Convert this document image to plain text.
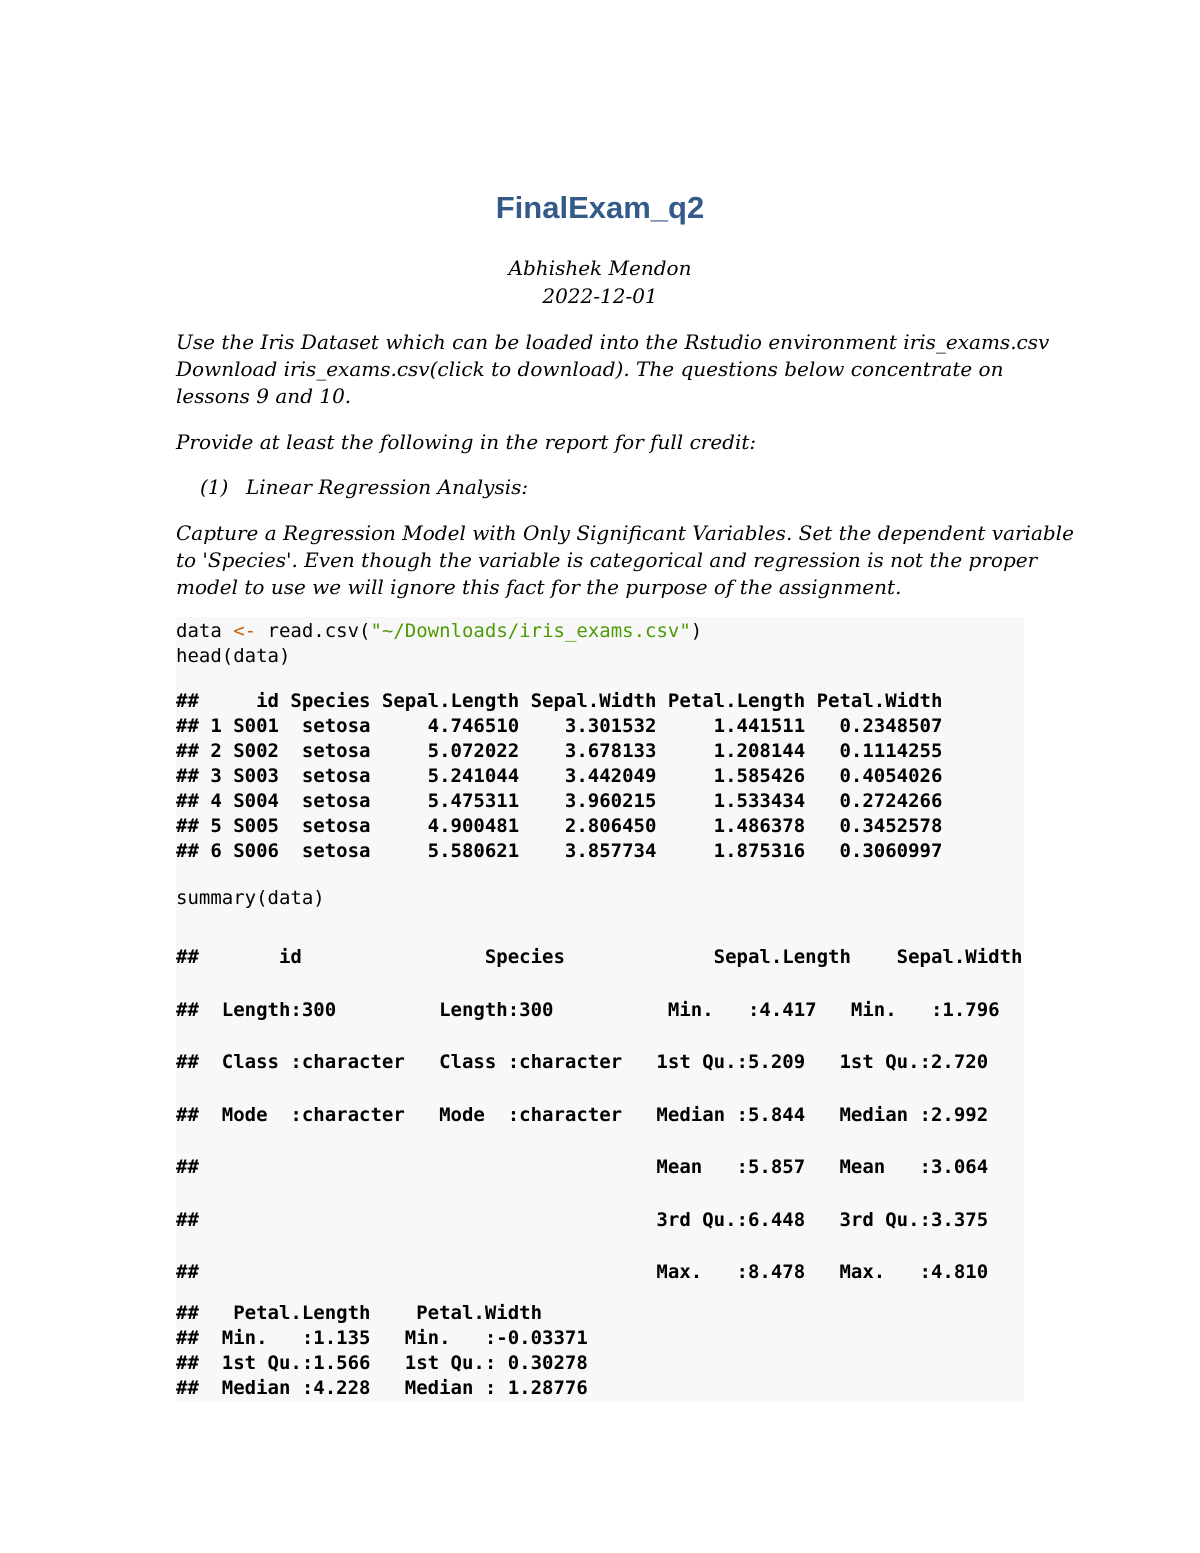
FinalExam_q2
Abhishek Mendon
2022-12-01
Use the Iris Dataset which can be loaded into the Rstudio environment iris_exams.csv
Download iris_exams.csv(click to download). The questions below concentrate on
lessons 9 and 10.
Provide at least the following in the report for full credit:
(1) Linear Regression Analysis:
Capture a Regression Model with Only Significant Variables. Set the dependent variable
to 'Species'. Even though the variable is categorical and regression is not the proper
model to use we will ignore this fact for the purpose of the assignment.
data <- read.csv("~/Downloads/iris_exams.csv")
head(data)
##     id Species Sepal.Length Sepal.Width Petal.Length Petal.Width
## 1 S001  setosa     4.746510    3.301532     1.441511   0.2348507
## 2 S002  setosa     5.072022    3.678133     1.208144   0.1114255
## 3 S003  setosa     5.241044    3.442049     1.585426   0.4054026
## 4 S004  setosa     5.475311    3.960215     1.533434   0.2724266
## 5 S005  setosa     4.900481    2.806450     1.486378   0.3452578
## 6 S006  setosa     5.580621    3.857734     1.875316   0.3060997
summary(data)
##       id                Species             Sepal.Length    Sepal.Width
##  Length:300         Length:300          Min.   :4.417   Min.   :1.796
##  Class :character   Class :character   1st Qu.:5.209   1st Qu.:2.720
##  Mode  :character   Mode  :character   Median :5.844   Median :2.992
##                                        Mean   :5.857   Mean   :3.064
##                                        3rd Qu.:6.448   3rd Qu.:3.375
##                                        Max.   :8.478   Max.   :4.810
##   Petal.Length    Petal.Width
##  Min.   :1.135   Min.   :-0.03371
##  1st Qu.:1.566   1st Qu.: 0.30278
##  Median :4.228   Median : 1.28776
